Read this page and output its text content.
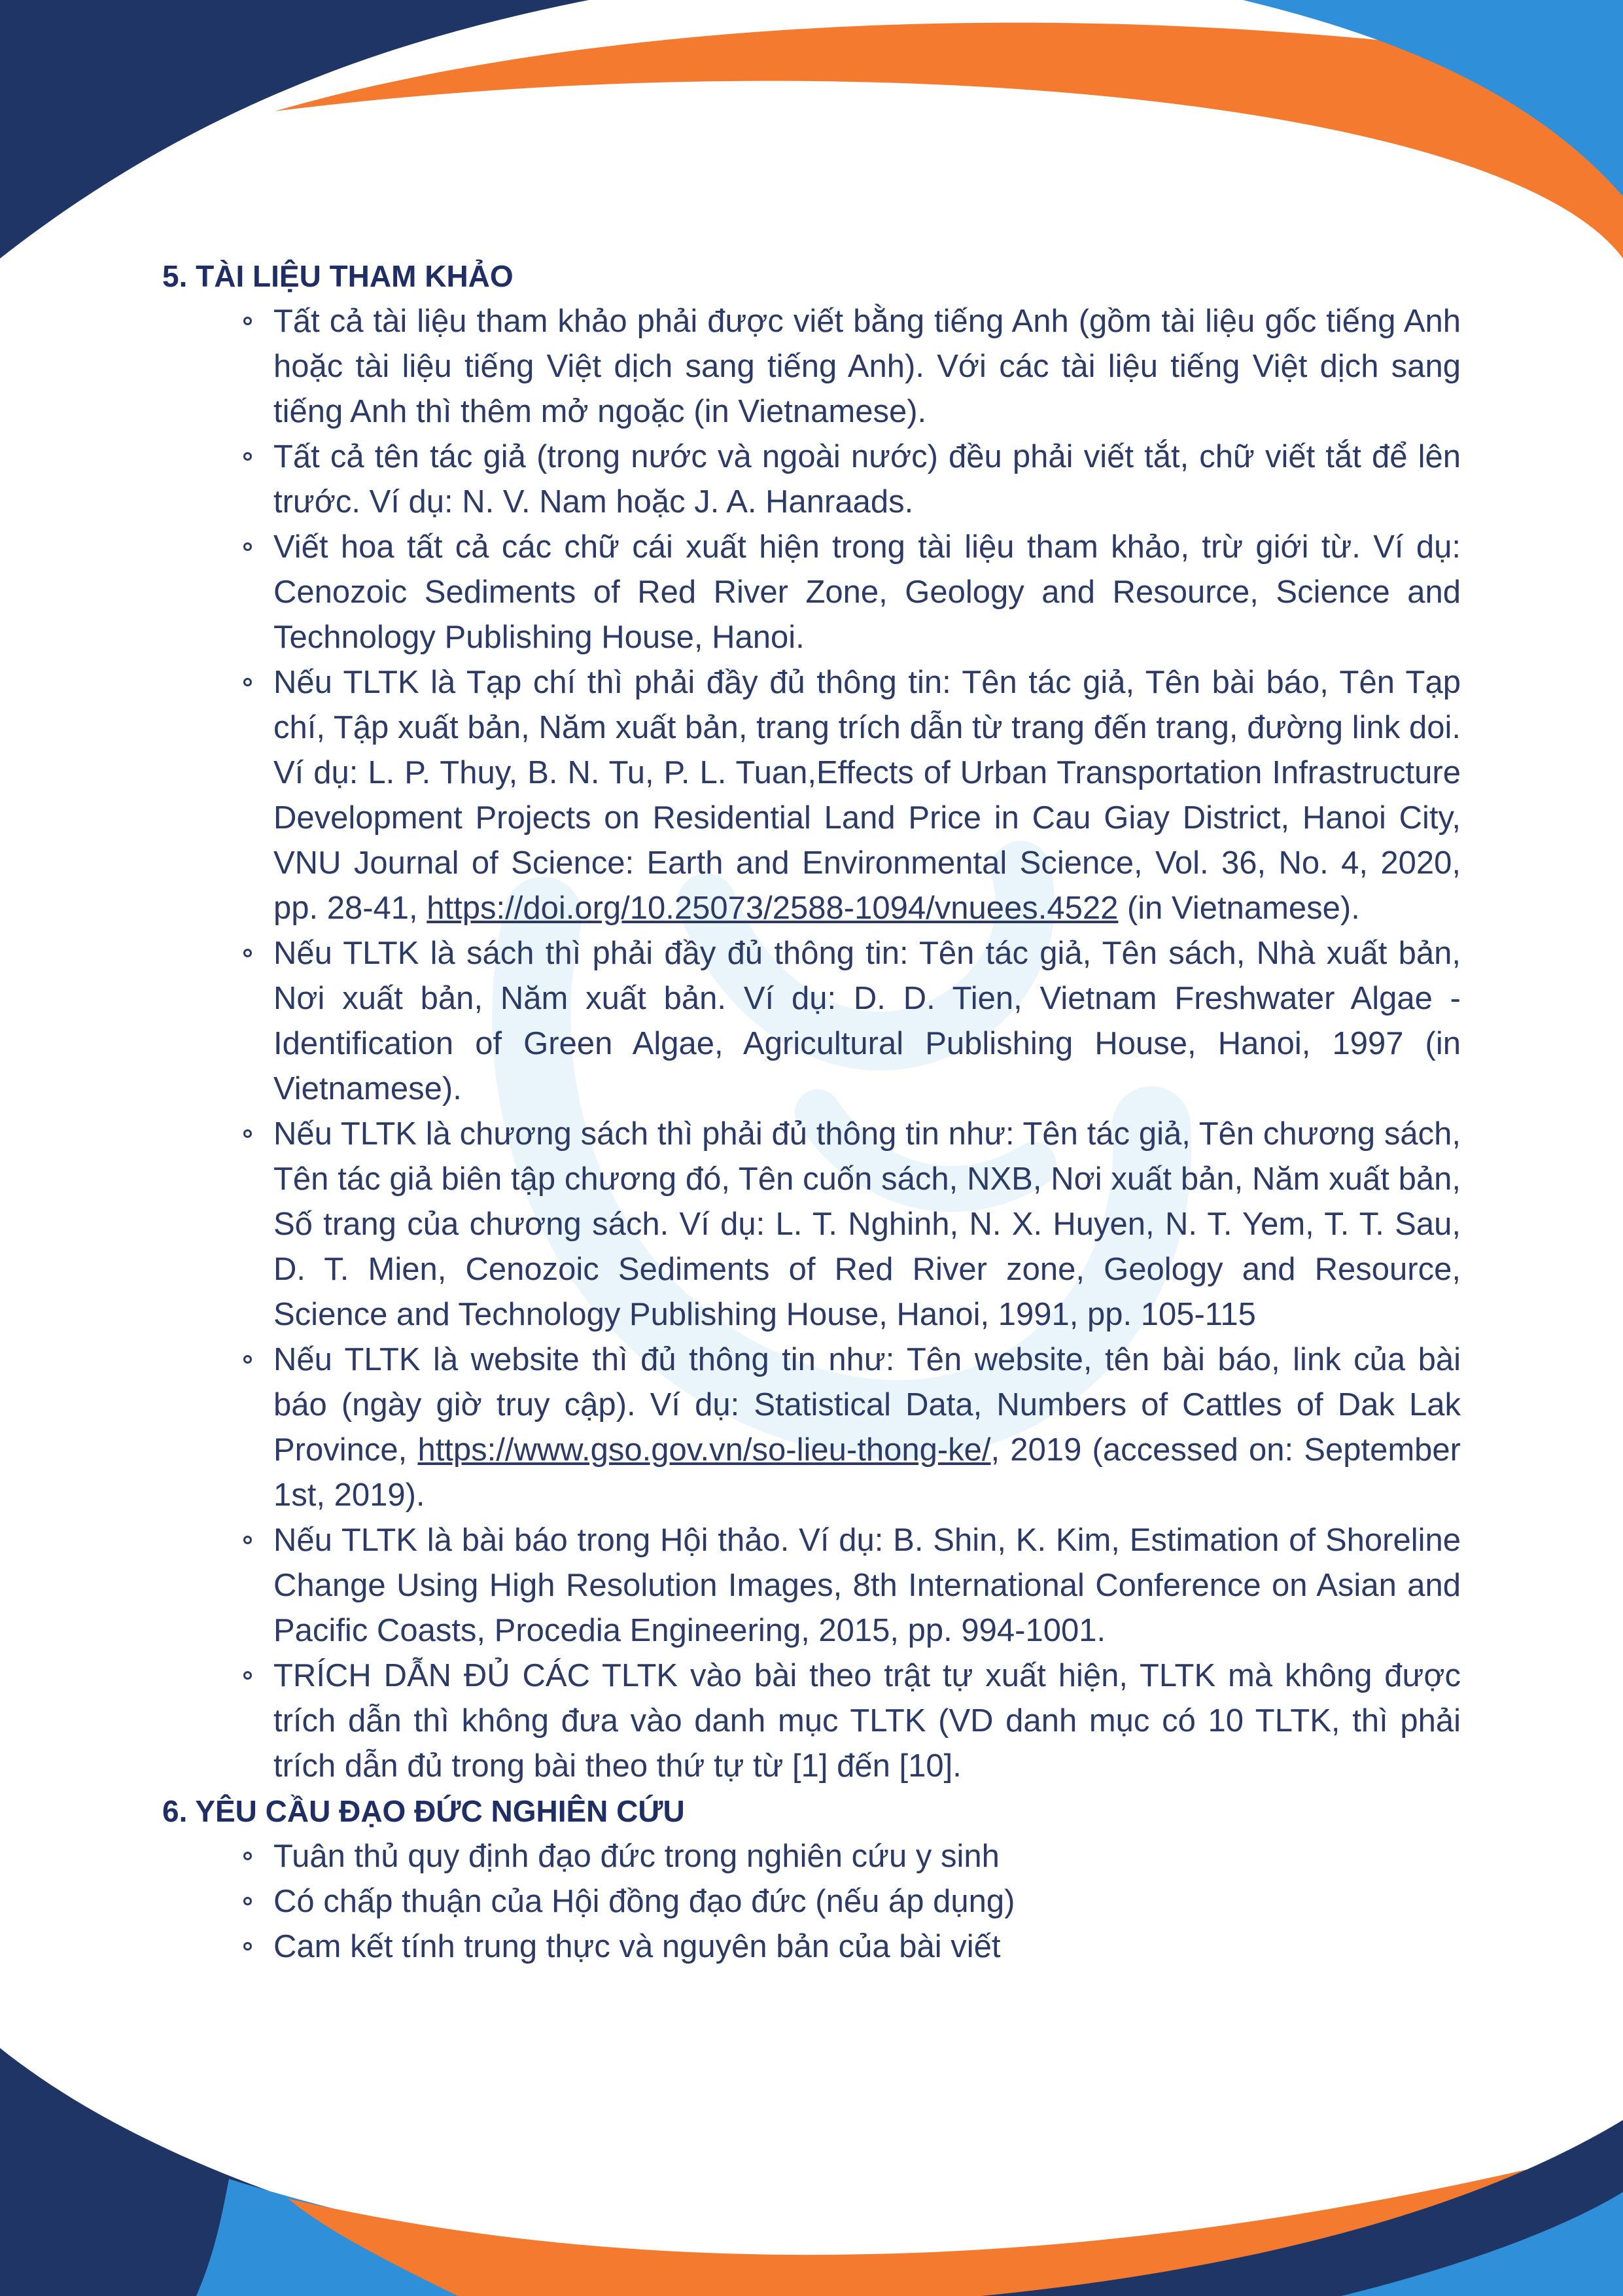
5. TÀI LIỆU THAM KHẢO
Tất cả tài liệu tham khảo phải được viết bằng tiếng Anh (gồm tài liệu gốc tiếng Anh hoặc tài liệu tiếng Việt dịch sang tiếng Anh). Với các tài liệu tiếng Việt dịch sang tiếng Anh thì thêm mở ngoặc (in Vietnamese).
Tất cả tên tác giả (trong nước và ngoài nước) đều phải viết tắt, chữ viết tắt để lên trước. Ví dụ: N. V. Nam hoặc J. A. Hanraads.
Viết hoa tất cả các chữ cái xuất hiện trong tài liệu tham khảo, trừ giới từ. Ví dụ: Cenozoic Sediments of Red River Zone, Geology and Resource, Science and Technology Publishing House, Hanoi.
Nếu TLTK là Tạp chí thì phải đầy đủ thông tin: Tên tác giả, Tên bài báo, Tên Tạp chí, Tập xuất bản, Năm xuất bản, trang trích dẫn từ trang đến trang, đường link doi. Ví dụ: L. P. Thuy, B. N. Tu, P. L. Tuan,Effects of Urban Transportation Infrastructure Development Projects on Residential Land Price in Cau Giay District, Hanoi City, VNU Journal of Science: Earth and Environmental Science, Vol. 36, No. 4, 2020, pp. 28-41, https://doi.org/10.25073/2588-1094/vnuees.4522 (in Vietnamese).
Nếu TLTK là sách thì phải đầy đủ thông tin: Tên tác giả, Tên sách, Nhà xuất bản, Nơi xuất bản, Năm xuất bản. Ví dụ: D. D. Tien, Vietnam Freshwater Algae - Identification of Green Algae, Agricultural Publishing House, Hanoi, 1997 (in Vietnamese).
Nếu TLTK là chương sách thì phải đủ thông tin như: Tên tác giả, Tên chương sách, Tên tác giả biên tập chương đó, Tên cuốn sách, NXB, Nơi xuất bản, Năm xuất bản, Số trang của chương sách. Ví dụ: L. T. Nghinh, N. X. Huyen, N. T. Yem, T. T. Sau, D. T. Mien, Cenozoic Sediments of Red River zone, Geology and Resource, Science and Technology Publishing House, Hanoi, 1991, pp. 105-115
Nếu TLTK là website thì đủ thông tin như: Tên website, tên bài báo, link của bài báo (ngày giờ truy cập). Ví dụ: Statistical Data, Numbers of Cattles of Dak Lak Province, https://www.gso.gov.vn/so-lieu-thong-ke/, 2019 (accessed on: September 1st, 2019).
Nếu TLTK là bài báo trong Hội thảo. Ví dụ: B. Shin, K. Kim, Estimation of Shoreline Change Using High Resolution Images, 8th International Conference on Asian and Pacific Coasts, Procedia Engineering, 2015, pp. 994-1001.
TRÍCH DẪN ĐỦ CÁC TLTK vào bài theo trật tự xuất hiện, TLTK mà không được trích dẫn thì không đưa vào danh mục TLTK (VD danh mục có 10 TLTK, thì phải trích dẫn đủ trong bài theo thứ tự từ [1] đến [10].
6. YÊU CẦU ĐẠO ĐỨC NGHIÊN CỨU
Tuân thủ quy định đạo đức trong nghiên cứu y sinh
Có chấp thuận của Hội đồng đạo đức (nếu áp dụng)
Cam kết tính trung thực và nguyên bản của bài viết
